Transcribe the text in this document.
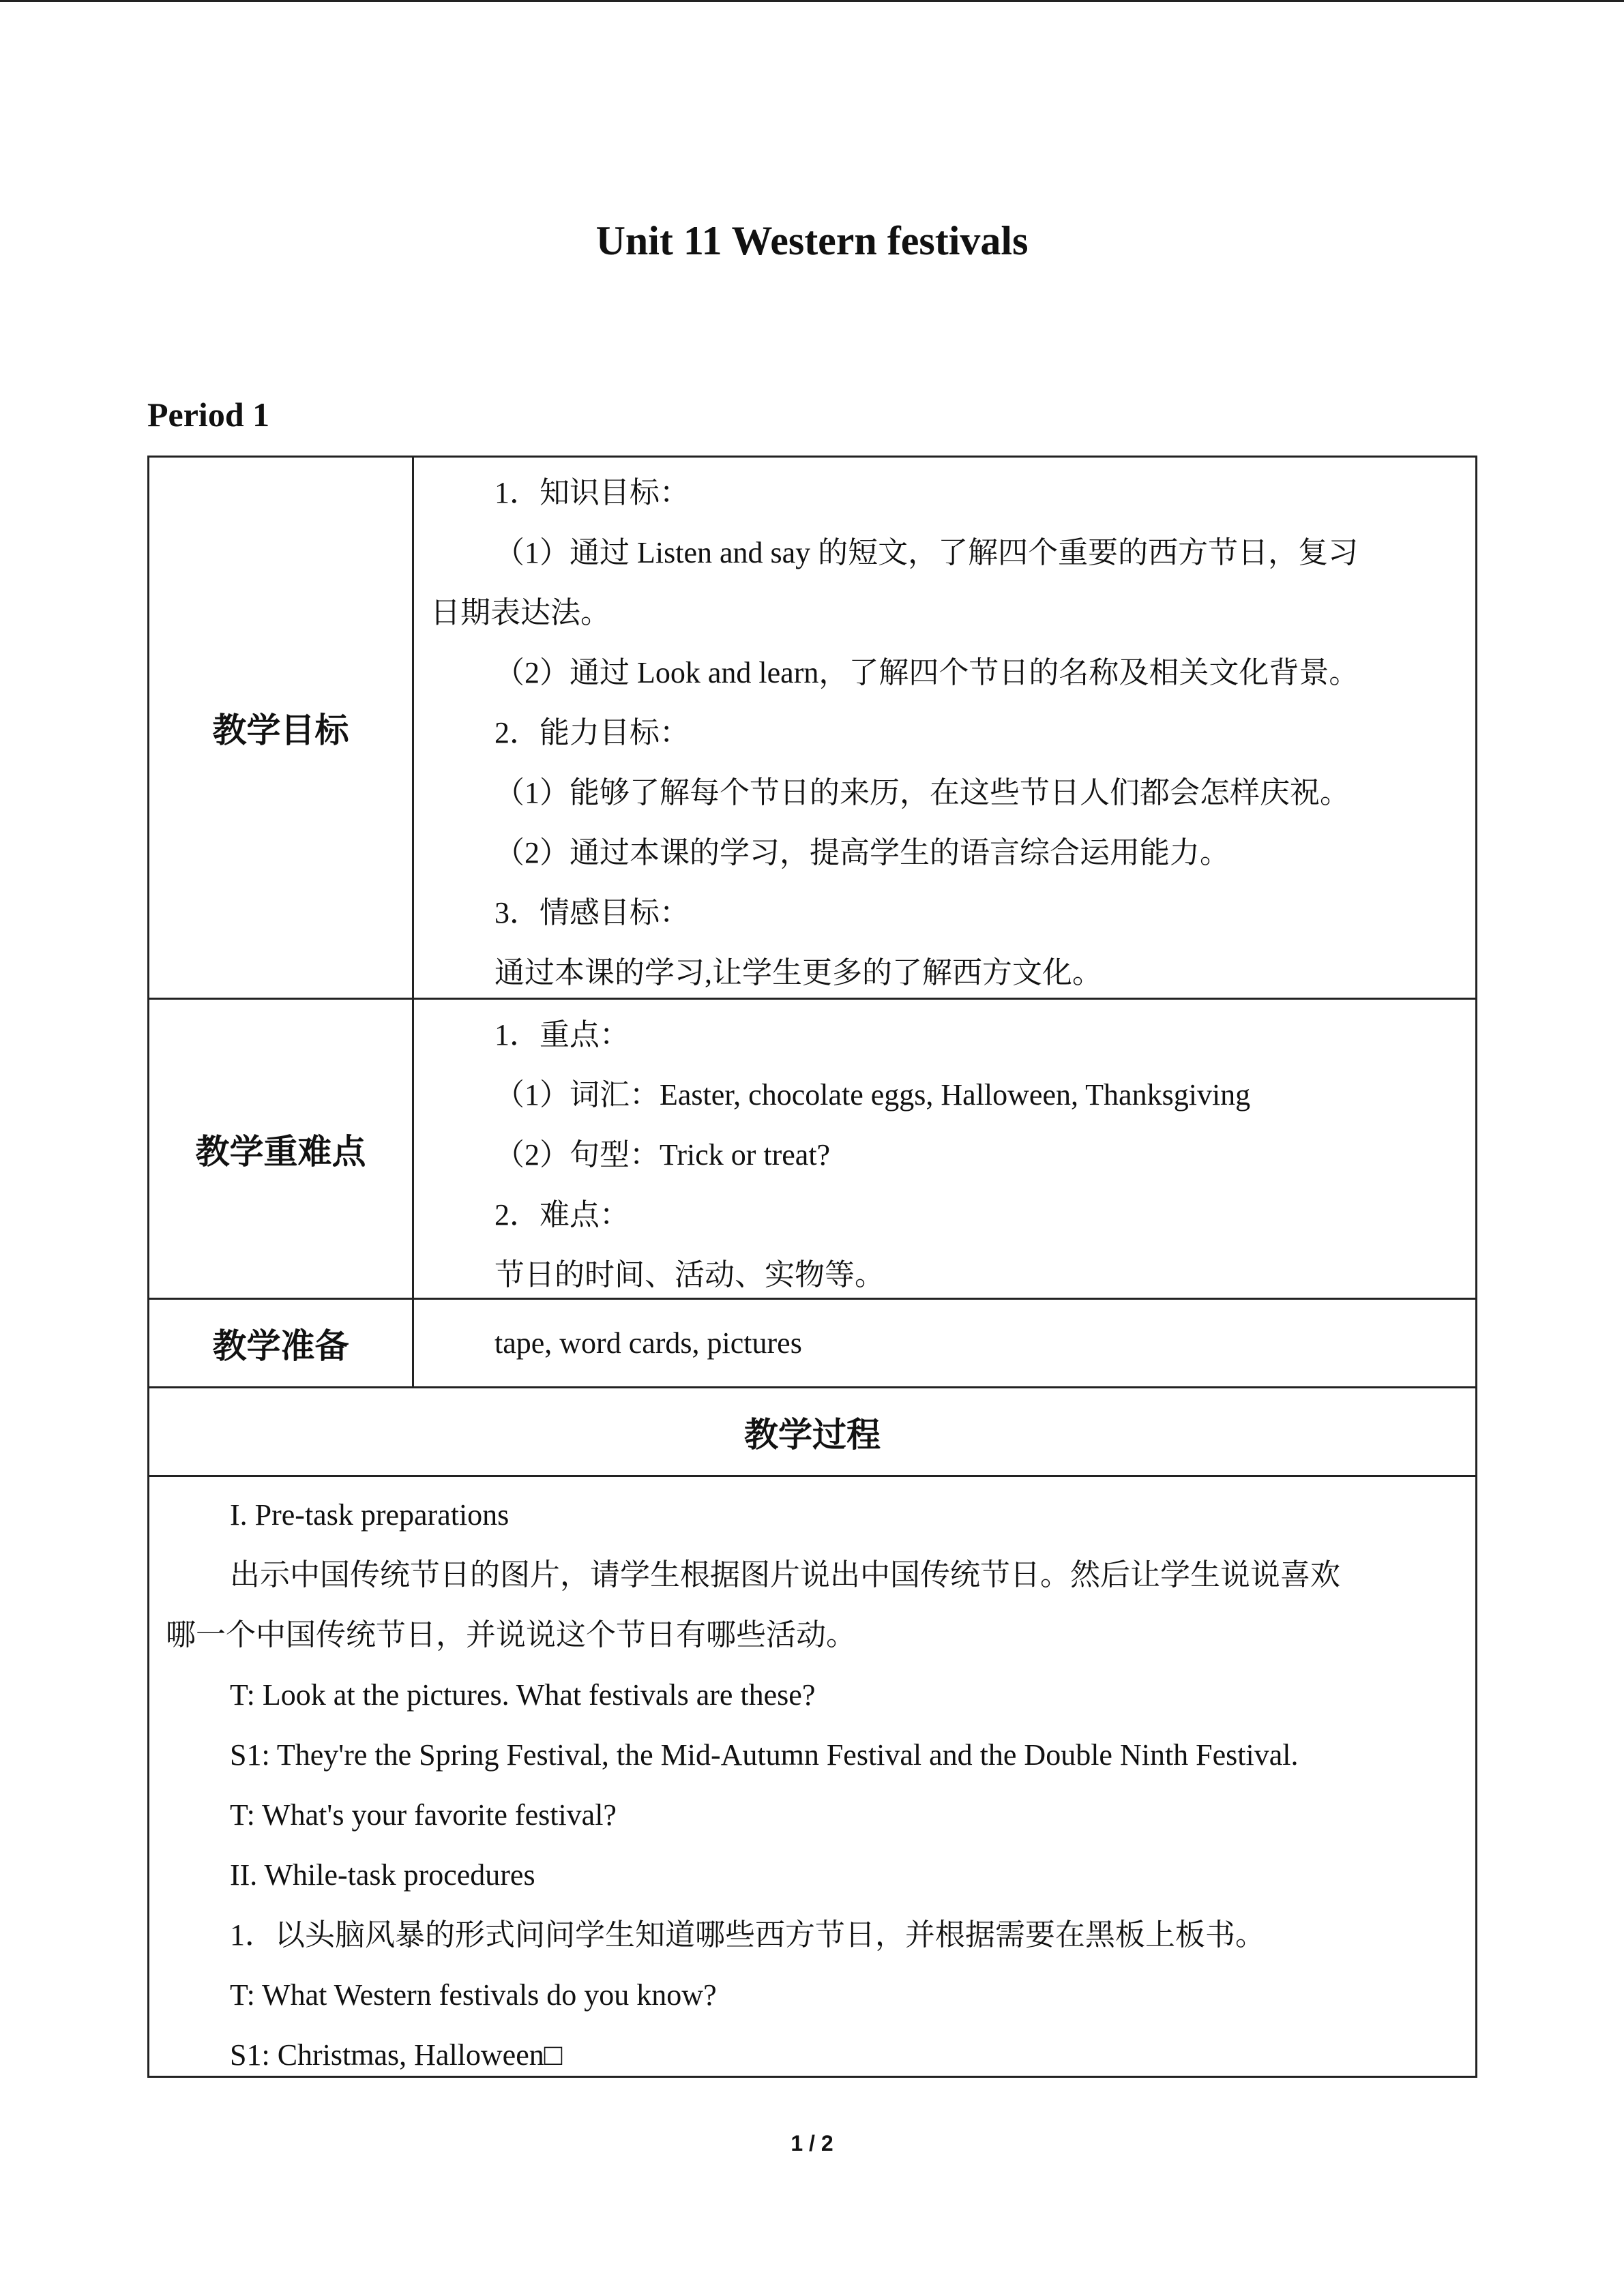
Unit 11 Western festivals
Period 1
教学目标
1．知识目标：
（1）通过 Listen and say 的短文，了解四个重要的西方节日，复习
日期表达法。
（2）通过 Look and learn，了解四个节日的名称及相关文化背景。
2．能力目标：
（1）能够了解每个节日的来历，在这些节日人们都会怎样庆祝。
（2）通过本课的学习，提高学生的语言综合运用能力。
3．情感目标：
通过本课的学习,让学生更多的了解西方文化。
教学重难点
1．重点：
（1）词汇：Easter, chocolate eggs, Halloween, Thanksgiving
（2）句型：Trick or treat?
2．难点：
节日的时间、活动、实物等。
教学准备	tape, word cards, pictures
教学过程
I. Pre-task preparations
出示中国传统节日的图片，请学生根据图片说出中国传统节日。然后让学生说说喜欢
哪一个中国传统节日，并说说这个节日有哪些活动。
T: Look at the pictures. What festivals are these?
S1: They're the Spring Festival, the Mid-Autumn Festival and the Double Ninth Festival.
T: What's your favorite festival?
II. While-task procedures
1．以头脑风暴的形式问问学生知道哪些西方节日，并根据需要在黑板上板书。
T: What Western festivals do you know?
S1: Christmas, Halloween□
1 / 2
